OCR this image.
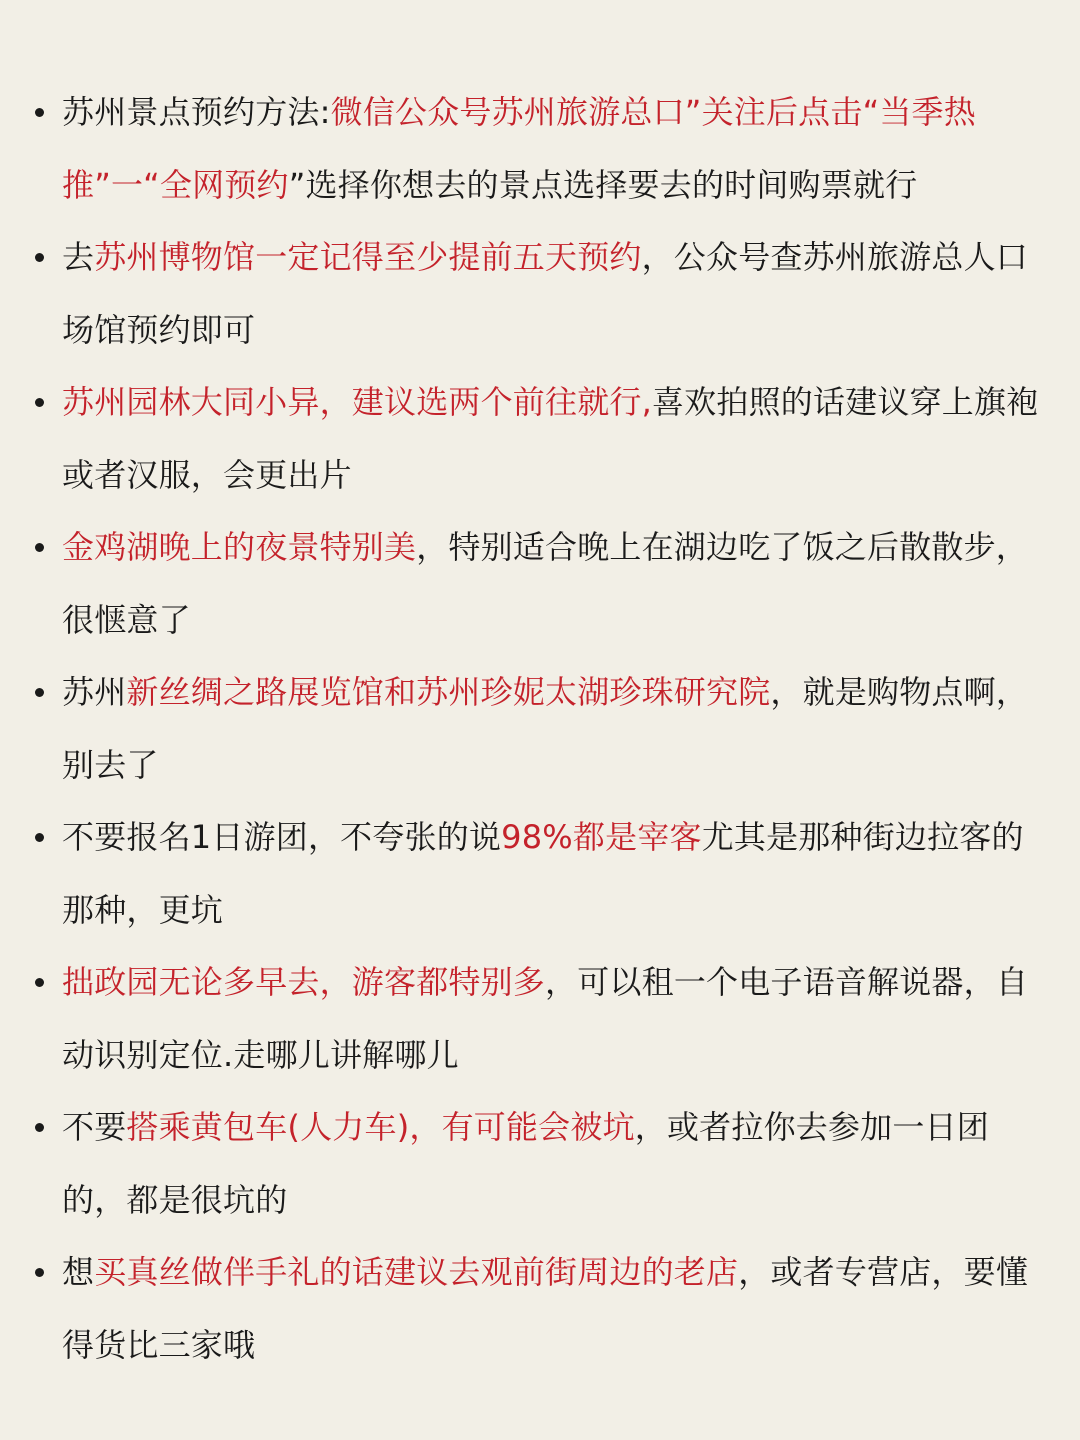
苏州景点预约方法:微信公众号苏州旅游总口”关注后点击“当季热推”一“全网预约”选择你想去的景点选择要去的时间购票就行
去苏州博物馆一定记得至少提前五天预约，公众号查苏州旅游总人口场馆预约即可
苏州园林大同小异，建议选两个前往就行,喜欢拍照的话建议穿上旗袍或者汉服，会更出片
金鸡湖晚上的夜景特别美，特别适合晚上在湖边吃了饭之后散散步，很惬意了
苏州新丝绸之路展览馆和苏州珍妮太湖珍珠研究院，就是购物点啊，别去了
不要报名1日游团，不夸张的说98%都是宰客尤其是那种街边拉客的那种，更坑
拙政园无论多早去，游客都特别多，可以租一个电子语音解说器，自动识别定位.走哪儿讲解哪儿
不要搭乘黄包车(人力车)，有可能会被坑，或者拉你去参加一日团的，都是很坑的
想买真丝做伴手礼的话建议去观前街周边的老店，或者专营店，要懂得货比三家哦
